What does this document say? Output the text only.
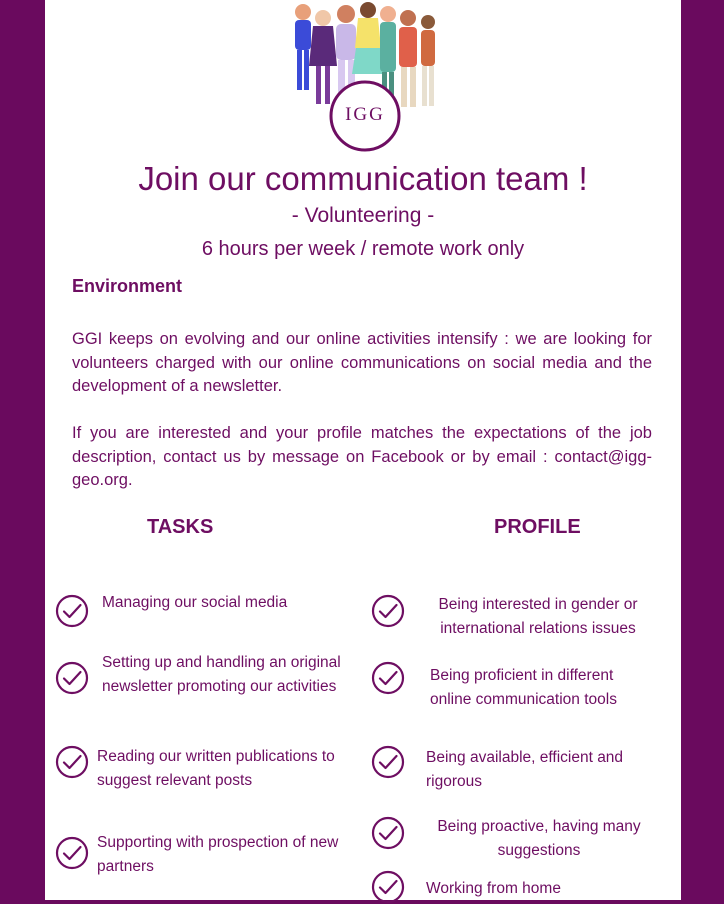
IGG
Join our communication team !
- Volunteering -
6 hours per week / remote work only
Environment
GGI keeps on evolving and our online activities intensify : we are looking for volunteers charged with our online communications on social media and the development of a newsletter.
If you are interested and your profile matches the expectations of the job description, contact us by message on Facebook or by email : contact@igg-geo.org.
TASKS	PROFILE
Managing our social media
Setting up and handling an original newsletter promoting our activities
Reading our written publications to suggest relevant posts
Supporting with prospection of new partners
Being interested in gender or international relations issues
Being proficient in different online communication tools
Being available, efficient and rigorous
Being proactive, having many suggestions
Working from home
